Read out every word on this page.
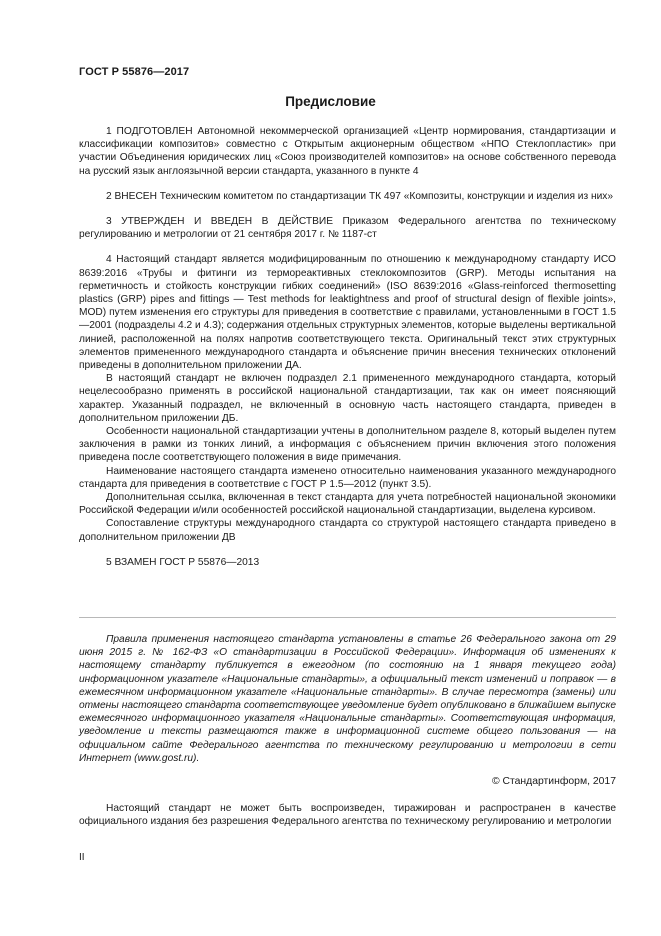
ГОСТ Р 55876—2017
Предисловие

1 ПОДГОТОВЛЕН Автономной некоммерческой организацией «Центр нормирования, стандартизации и классификации композитов» совместно с Открытым акционерным обществом «НПО Стеклопластик» при участии Объединения юридических лиц «Союз производителей композитов» на основе собственного перевода на русский язык англоязычной версии стандарта, указанного в пункте 4

2 ВНЕСЕН Техническим комитетом по стандартизации ТК 497 «Композиты, конструкции и изделия из них»

3 УТВЕРЖДЕН И ВВЕДЕН В ДЕЙСТВИЕ Приказом Федерального агентства по техническому регулированию и метрологии от 21 сентября 2017 г. № 1187-ст

4 Настоящий стандарт является модифицированным по отношению к международному стандарту ИСО 8639:2016 «Трубы и фитинги из термореактивных стеклокомпозитов (GRP). Методы испытания на герметичность и стойкость конструкции гибких соединений» (ISO 8639:2016 «Glass-reinforced thermosetting plastics (GRP) pipes and fittings — Test methods for leaktightness and proof of structural design of flexible joints», MOD) путем изменения его структуры для приведения в соответствие с правилами, установленными в ГОСТ 1.5—2001 (подразделы 4.2 и 4.3); содержания отдельных структурных элементов, которые выделены вертикальной линией, расположенной на полях напротив соответствующего текста. Оригинальный текст этих структурных элементов примененного международного стандарта и объяснение причин внесения технических отклонений приведены в дополнительном приложении ДА.

В настоящий стандарт не включен подраздел 2.1 примененного международного стандарта, который нецелесообразно применять в российской национальной стандартизации, так как он имеет поясняющий характер. Указанный подраздел, не включенный в основную часть настоящего стандарта, приведен в дополнительном приложении ДБ.

Особенности национальной стандартизации учтены в дополнительном разделе 8, который выделен путем заключения в рамки из тонких линий, а информация с объяснением причин включения этого положения приведена после соответствующего положения в виде примечания.

Наименование настоящего стандарта изменено относительно наименования указанного международного стандарта для приведения в соответствие с ГОСТ Р 1.5—2012 (пункт 3.5).

Дополнительная ссылка, включенная в текст стандарта для учета потребностей национальной экономики Российской Федерации и/или особенностей российской национальной стандартизации, выделена курсивом.

Сопоставление структуры международного стандарта со структурой настоящего стандарта приведено в дополнительном приложении ДВ

5 ВЗАМЕН ГОСТ Р 55876—2013

Правила применения настоящего стандарта установлены в статье 26 Федерального закона от 29 июня 2015 г. № 162-ФЗ «О стандартизации в Российской Федерации». Информация об изменениях к настоящему стандарту публикуется в ежегодном (по состоянию на 1 января текущего года) информационном указателе «Национальные стандарты», а официальный текст изменений и поправок — в ежемесячном информационном указателе «Национальные стандарты». В случае пересмотра (замены) или отмены настоящего стандарта соответствующее уведомление будет опубликовано в ближайшем выпуске ежемесячного информационного указателя «Национальные стандарты». Соответствующая информация, уведомление и тексты размещаются также в информационной системе общего пользования — на официальном сайте Федерального агентства по техническому регулированию и метрологии в сети Интернет (www.gost.ru).

© Стандартинформ, 2017

Настоящий стандарт не может быть воспроизведен, тиражирован и распространен в качестве официального издания без разрешения Федерального агентства по техническому регулированию и метрологии

II
